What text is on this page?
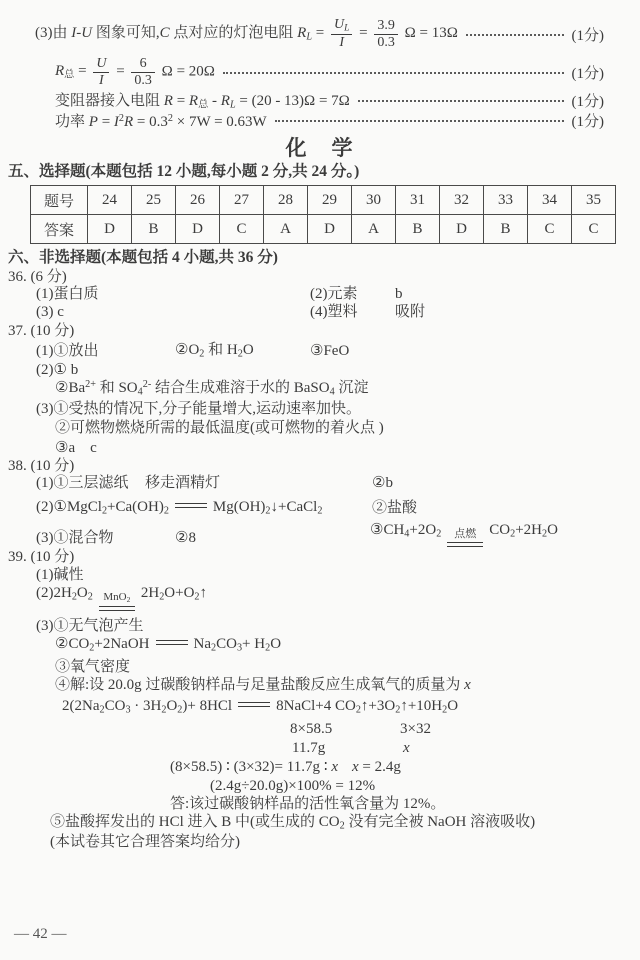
(3)由 I-U 图象可知,C 点对应的灯泡电阻 $R_L = \frac{U_L}{I} = \frac{3.9}{0.3}$ Ω = 13Ω	(1分)
$R_总 = \frac{U}{I} = \frac{6}{0.3}$ Ω = 20Ω	(1分)
变阻器接入电阻 $R = R_总 - R_L = (20 - 13)\Omega = 7\Omega$	(1分)
功率 $P = I^2R = 0.3^2 \times 7W = 0.63W$	(1分)
化　学
五、选择题(本题包括 12 小题,每小题 2 分,共 24 分。)
题号	24	25	26	27	28	29	30	31	32	33	34	35
答案	D	B	D	C	A	D	A	B	D	B	C	C
六、非选择题(本题包括 4 小题,共 36 分)
36. (6 分)
(1)蛋白质	(2)元素	b
(3) c	(4)塑料	吸附
37. (10 分)
(1)①放出	$②O_2$ 和 $H_2O$	③FeO
(2)① b
$②Ba^{2+}$ 和 $SO_4^{2-}$ 结合生成难溶于水的 BaSO$_4$ 沉淀
(3)①受热的情况下,分子能量增大,运动速率加快。
②可燃物燃烧所需的最低温度(或可燃物的着火点 )
③a　c
38. (10 分)
(1)①三层滤纸 移走酒精灯	②b
$(2)①MgCl_2+Ca(OH)_2$	$Mg(OH)_2↓+CaCl_2$	②盐酸
(3)①混合物	②8
$③CH_4+2O_2$	点燃 $CO_2+2H_2O$
39. (10 分)
(1)碱性
$(2)2H_2O_2$ MnO$_2$ $2H_2O+O_2↑$
(3)①无气泡产生
$②CO_2+2NaOH$	$Na_2CO_3+ H_2O$
③氧气密度
④解:设 20.0g 过碳酸钠样品与足量盐酸反应生成氧气的质量为 x
$2(2Na_2CO_3 \cdot 3H_2O_2)+ 8HCl$	8NaCl+4 $CO_2↑+3O_2↑+10H_2O$
8×58.5	3×32
11.7g	x
(8×58.5) ∶ (3×32)= 11.7g ∶ x x = 2.4g
(2.4g÷20.0g)×100% = 12%
答:该过碳酸钠样品的活性氧含量为 12%。
⑤盐酸挥发出的 HCl 进入 B 中(或生成的 $CO_2$ 没有完全被 NaOH 溶液吸收)
(本试卷其它合理答案均给分)
— 42 —
